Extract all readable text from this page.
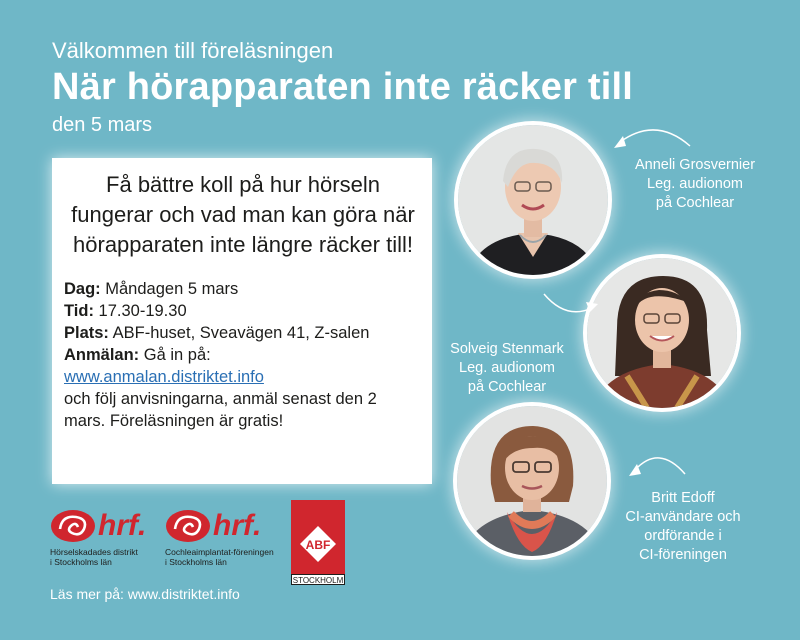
Välkommen till föreläsningen
När hörapparaten inte räcker till
den 5 mars

Få bättre koll på hur hörseln fungerar och vad man kan göra när hörapparaten inte längre räcker till!

Dag: Måndagen 5 mars
Tid: 17.30-19.30
Plats: ABF-huset, Sveavägen 41, Z-salen
Anmälan: Gå in på:
www.anmalan.distriktet.info
och följ anvisningarna, anmäl senast den 2 mars. Föreläsningen är gratis!
Anneli Grosvernier
Leg. audionom
på Cochlear
Solveig Stenmark
Leg. audionom
på Cochlear
Britt Edoff
CI-användare och
ordförande i
CI-föreningen
hrf.
Hörselskadades distrikt
i Stockholms län
hrf.
Cochleaimplantat-föreningen
i Stockholms län
ABF
STOCKHOLM
Läs mer på: www.distriktet.info
